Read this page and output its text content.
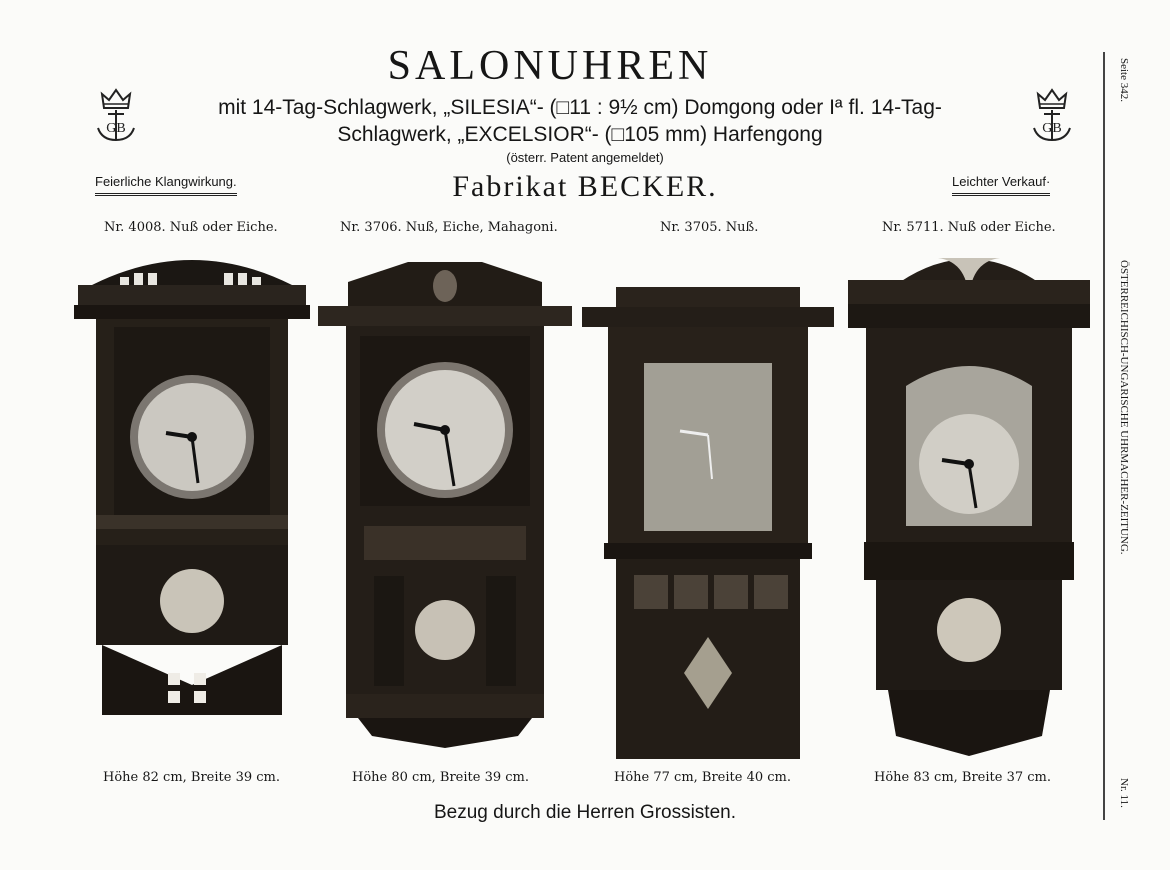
SALONUHREN
mit 14-Tag-Schlagwerk, „SILESIA“- (□11 : 9½ cm) Domgong oder Iª fl. 14-Tag-
Schlagwerk, „EXCELSIOR“- (□105 mm) Harfengong
(österr. Patent angemeldet)
Fabrikat BECKER.
Feierliche Klangwirkung.	Leichter Verkauf·
GB	GB
Nr. 4008. Nuß oder Eiche.	Nr. 3706. Nuß, Eiche, Mahagoni.	Nr. 3705. Nuß.	Nr. 5711. Nuß oder Eiche.
Höhe 82 cm, Breite 39 cm.	Höhe 80 cm, Breite 39 cm.	Höhe 77 cm, Breite 40 cm.	Höhe 83 cm, Breite 37 cm.
Bezug durch die Herren Grossisten.
Seite 342.
ÖSTERREICHISCH-UNGARISCHE UHRMACHER-ZEITUNG.
Nr. 11.
